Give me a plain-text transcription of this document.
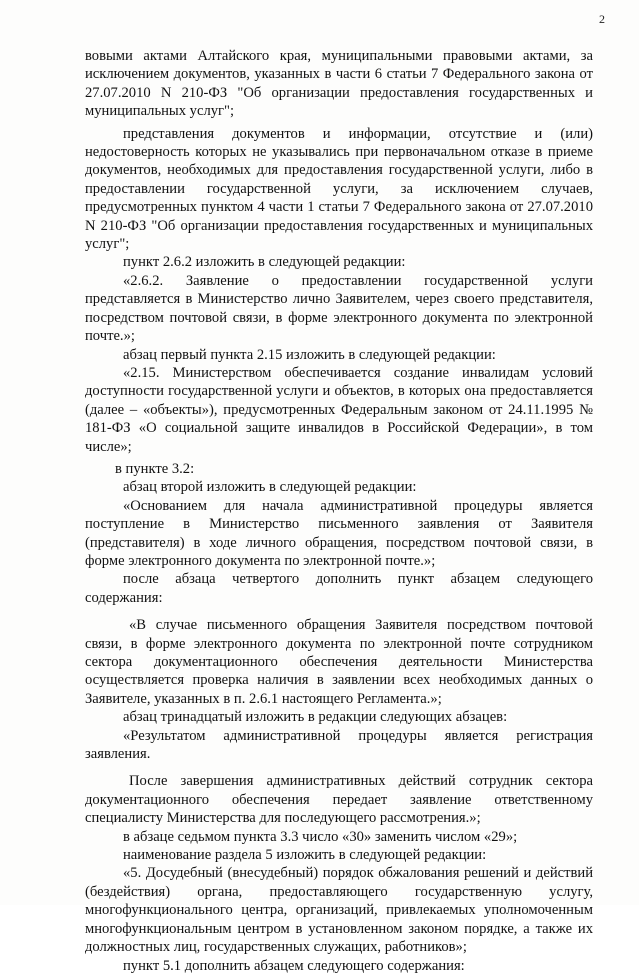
2

вовыми актами Алтайского края, муниципальными правовыми актами, за исключением документов, указанных в части 6 статьи 7 Федерального закона от 27.07.2010 N 210-ФЗ "Об организации предоставления государственных и муниципальных услуг";

представления документов и информации, отсутствие и (или) недостоверность которых не указывались при первоначальном отказе в приеме документов, необходимых для предоставления государственной услуги, либо в предоставлении государственной услуги, за исключением случаев, предусмотренных пунктом 4 части 1 статьи 7 Федерального закона от 27.07.2010 N 210-ФЗ "Об организации предоставления государственных и муниципальных услуг";

пункт 2.6.2 изложить в следующей редакции:

«2.6.2. Заявление о предоставлении государственной услуги представляется в Министерство лично Заявителем, через своего представителя, посредством почтовой связи, в форме электронного документа по электронной почте.»;

абзац первый пункта 2.15 изложить в следующей редакции:

«2.15. Министерством обеспечивается создание инвалидам условий доступности государственной услуги и объектов, в которых она предоставляется (далее – «объекты»), предусмотренных Федеральным законом от 24.11.1995 № 181-ФЗ «О социальной защите инвалидов в Российской Федерации», в том числе»;

в пункте 3.2:

абзац второй изложить в следующей редакции:

«Основанием для начала административной процедуры является поступление в Министерство письменного заявления от Заявителя (представителя) в ходе личного обращения, посредством почтовой связи, в форме электронного документа по электронной почте.»;

после абзаца четвертого дополнить пункт абзацем следующего содержания:

«В случае письменного обращения Заявителя посредством почтовой связи, в форме электронного документа по электронной почте сотрудником сектора документационного обеспечения деятельности Министерства осуществляется проверка наличия в заявлении всех необходимых данных о Заявителе, указанных в п. 2.6.1 настоящего Регламента.»;

абзац тринадцатый изложить в редакции следующих абзацев:

«Результатом административной процедуры является регистрация заявления.

После завершения административных действий сотрудник сектора документационного обеспечения передает заявление ответственному специалисту Министерства для последующего рассмотрения.»;

в абзаце седьмом пункта 3.3 число «30» заменить числом «29»;

наименование раздела 5 изложить в следующей редакции:

«5. Досудебный (внесудебный) порядок обжалования решений и действий (бездействия) органа, предоставляющего государственную услугу, многофункционального центра, организаций, привлекаемых уполномоченным многофункциональным центром в установленном законом порядке, а также их должностных лиц, государственных служащих, работников»;

пункт 5.1 дополнить абзацем следующего содержания:
